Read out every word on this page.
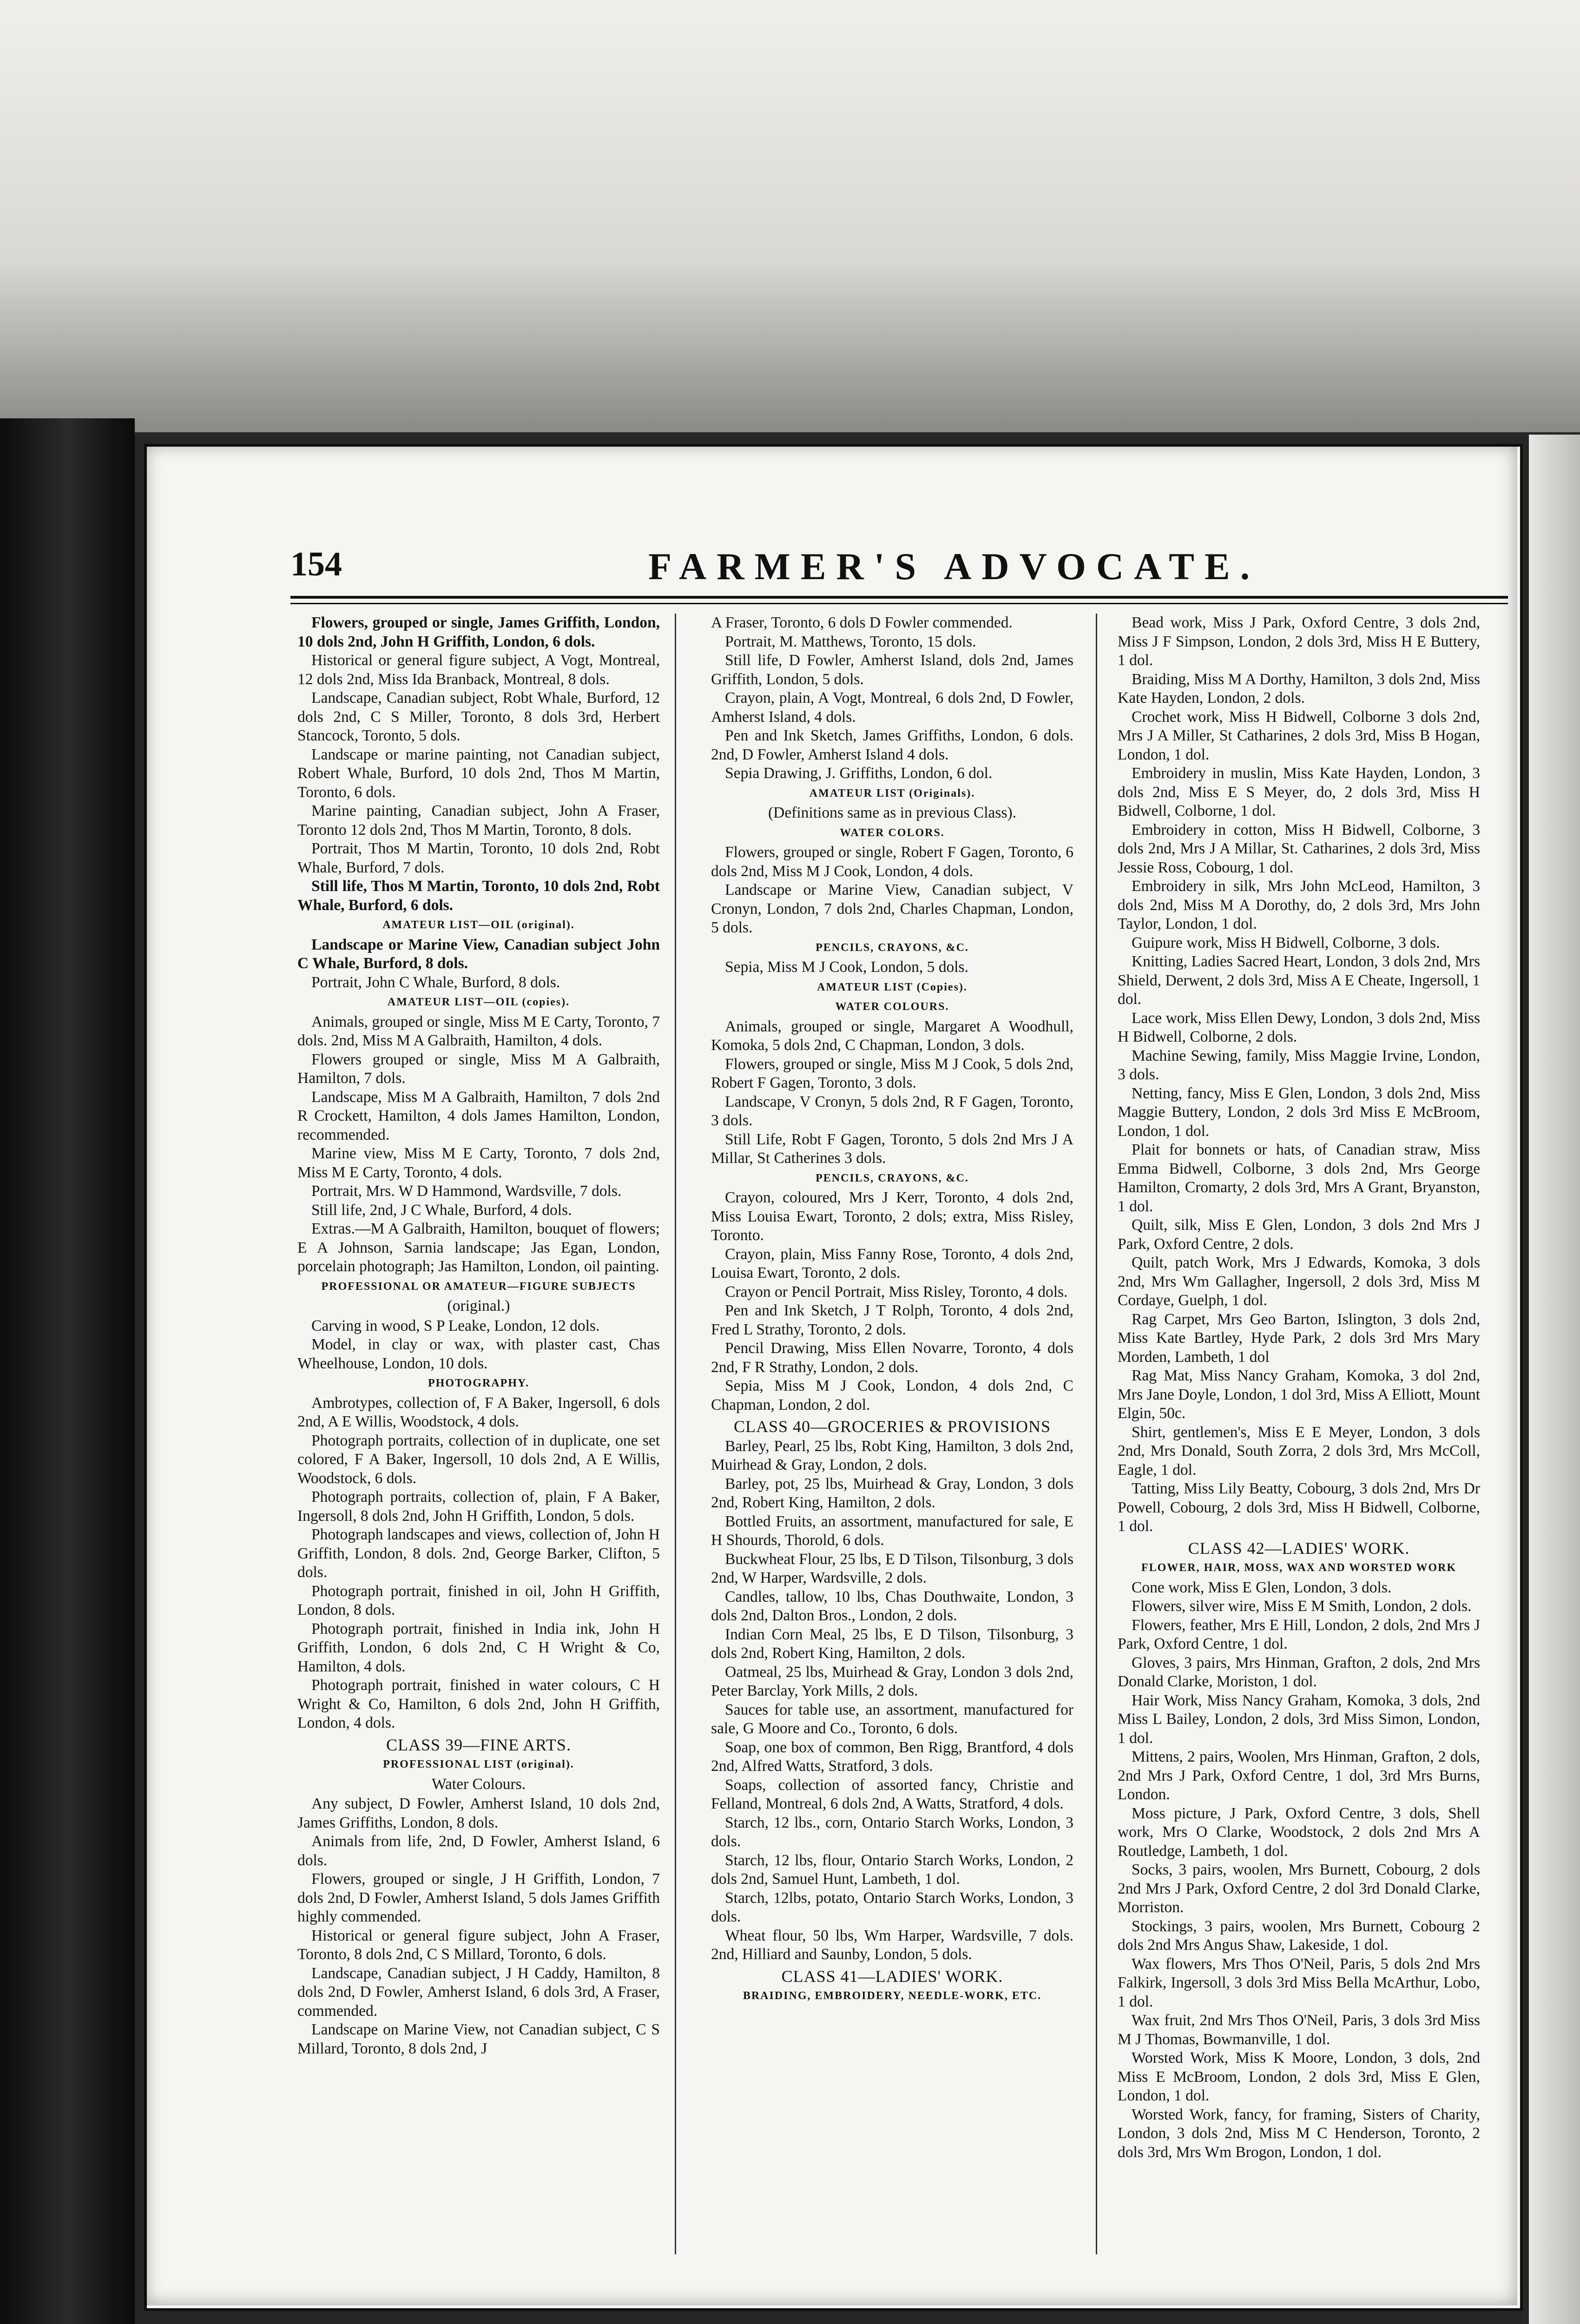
154	FARMER'S ADVOCATE.

Flowers, grouped or single, James Griffith, London, 10 dols 2nd, John H Griffith, London, 6 dols.

Historical or general figure subject, A Vogt, Montreal, 12 dols 2nd, Miss Ida Branback, Montreal, 8 dols.

Landscape, Canadian subject, Robt Whale, Burford, 12 dols 2nd, C S Miller, Toronto, 8 dols 3rd, Herbert Stancock, Toronto, 5 dols.

Landscape or marine painting, not Canadian subject, Robert Whale, Burford, 10 dols 2nd, Thos M Martin, Toronto, 6 dols.

Marine painting, Canadian subject, John A Fraser, Toronto 12 dols 2nd, Thos M Martin, Toronto, 8 dols.

Portrait, Thos M Martin, Toronto, 10 dols 2nd, Robt Whale, Burford, 7 dols.

Still life, Thos M Martin, Toronto, 10 dols 2nd, Robt Whale, Burford, 6 dols.

AMATEUR LIST—OIL (original).

Landscape or Marine View, Canadian subject John C Whale, Burford, 8 dols.

Portrait, John C Whale, Burford, 8 dols.

AMATEUR LIST—OIL (copies).

Animals, grouped or single, Miss M E Carty, Toronto, 7 dols. 2nd, Miss M A Galbraith, Hamilton, 4 dols.

Flowers grouped or single, Miss M A Galbraith, Hamilton, 7 dols.

Landscape, Miss M A Galbraith, Hamilton, 7 dols 2nd R Crockett, Hamilton, 4 dols James Hamilton, London, recommended.

Marine view, Miss M E Carty, Toronto, 7 dols 2nd, Miss M E Carty, Toronto, 4 dols.

Portrait, Mrs. W D Hammond, Wardsville, 7 dols.

Still life, 2nd, J C Whale, Burford, 4 dols.

Extras.—M A Galbraith, Hamilton, bouquet of flowers; E A Johnson, Sarnia landscape; Jas Egan, London, porcelain photograph; Jas Hamilton, London, oil painting.

PROFESSIONAL OR AMATEUR—FIGURE SUBJECTS

(original.)

Carving in wood, S P Leake, London, 12 dols.

Model, in clay or wax, with plaster cast, Chas Wheelhouse, London, 10 dols.

PHOTOGRAPHY.

Ambrotypes, collection of, F A Baker, Ingersoll, 6 dols 2nd, A E Willis, Woodstock, 4 dols.

Photograph portraits, collection of in duplicate, one set colored, F A Baker, Ingersoll, 10 dols 2nd, A E Willis, Woodstock, 6 dols.

Photograph portraits, collection of, plain, F A Baker, Ingersoll, 8 dols 2nd, John H Griffith, London, 5 dols.

Photograph landscapes and views, collection of, John H Griffith, London, 8 dols. 2nd, George Barker, Clifton, 5 dols.

Photograph portrait, finished in oil, John H Griffith, London, 8 dols.

Photograph portrait, finished in India ink, John H Griffith, London, 6 dols 2nd, C H Wright & Co, Hamilton, 4 dols.

Photograph portrait, finished in water colours, C H Wright & Co, Hamilton, 6 dols 2nd, John H Griffith, London, 4 dols.

CLASS 39—FINE ARTS.

PROFESSIONAL LIST (original).

Water Colours.

Any subject, D Fowler, Amherst Island, 10 dols 2nd, James Griffiths, London, 8 dols.

Animals from life, 2nd, D Fowler, Amherst Island, 6 dols.

Flowers, grouped or single, J H Griffith, London, 7 dols 2nd, D Fowler, Amherst Island, 5 dols James Griffith highly commended.

Historical or general figure subject, John A Fraser, Toronto, 8 dols 2nd, C S Millard, Toronto, 6 dols.

Landscape, Canadian subject, J H Caddy, Hamilton, 8 dols 2nd, D Fowler, Amherst Island, 6 dols 3rd, A Fraser, commended.

Landscape on Marine View, not Canadian subject, C S Millard, Toronto, 8 dols 2nd, J

A Fraser, Toronto, 6 dols D Fowler commended.

Portrait, M. Matthews, Toronto, 15 dols.

Still life, D Fowler, Amherst Island, dols 2nd, James Griffith, London, 5 dols.

Crayon, plain, A Vogt, Montreal, 6 dols 2nd, D Fowler, Amherst Island, 4 dols.

Pen and Ink Sketch, James Griffiths, London, 6 dols. 2nd, D Fowler, Amherst Island 4 dols.

Sepia Drawing, J. Griffiths, London, 6 dol.

AMATEUR LIST (Originals).

(Definitions same as in previous Class).

WATER COLORS.

Flowers, grouped or single, Robert F Gagen, Toronto, 6 dols 2nd, Miss M J Cook, London, 4 dols.

Landscape or Marine View, Canadian subject, V Cronyn, London, 7 dols 2nd, Charles Chapman, London, 5 dols.

PENCILS, CRAYONS, &C.

Sepia, Miss M J Cook, London, 5 dols.

AMATEUR LIST (Copies).

WATER COLOURS.

Animals, grouped or single, Margaret A Woodhull, Komoka, 5 dols 2nd, C Chapman, London, 3 dols.

Flowers, grouped or single, Miss M J Cook, 5 dols 2nd, Robert F Gagen, Toronto, 3 dols.

Landscape, V Cronyn, 5 dols 2nd, R F Gagen, Toronto, 3 dols.

Still Life, Robt F Gagen, Toronto, 5 dols 2nd Mrs J A Millar, St Catherines 3 dols.

PENCILS, CRAYONS, &C.

Crayon, coloured, Mrs J Kerr, Toronto, 4 dols 2nd, Miss Louisa Ewart, Toronto, 2 dols; extra, Miss Risley, Toronto.

Crayon, plain, Miss Fanny Rose, Toronto, 4 dols 2nd, Louisa Ewart, Toronto, 2 dols.

Crayon or Pencil Portrait, Miss Risley, Toronto, 4 dols.

Pen and Ink Sketch, J T Rolph, Toronto, 4 dols 2nd, Fred L Strathy, Toronto, 2 dols.

Pencil Drawing, Miss Ellen Novarre, Toronto, 4 dols 2nd, F R Strathy, London, 2 dols.

Sepia, Miss M J Cook, London, 4 dols 2nd, C Chapman, London, 2 dol.

CLASS 40—GROCERIES & PROVISIONS

Barley, Pearl, 25 lbs, Robt King, Hamilton, 3 dols 2nd, Muirhead & Gray, London, 2 dols.

Barley, pot, 25 lbs, Muirhead & Gray, London, 3 dols 2nd, Robert King, Hamilton, 2 dols.

Bottled Fruits, an assortment, manufactured for sale, E H Shourds, Thorold, 6 dols.

Buckwheat Flour, 25 lbs, E D Tilson, Tilsonburg, 3 dols 2nd, W Harper, Wardsville, 2 dols.

Candles, tallow, 10 lbs, Chas Douthwaite, London, 3 dols 2nd, Dalton Bros., London, 2 dols.

Indian Corn Meal, 25 lbs, E D Tilson, Tilsonburg, 3 dols 2nd, Robert King, Hamilton, 2 dols.

Oatmeal, 25 lbs, Muirhead & Gray, London 3 dols 2nd, Peter Barclay, York Mills, 2 dols.

Sauces for table use, an assortment, manufactured for sale, G Moore and Co., Toronto, 6 dols.

Soap, one box of common, Ben Rigg, Brantford, 4 dols 2nd, Alfred Watts, Stratford, 3 dols.

Soaps, collection of assorted fancy, Christie and Felland, Montreal, 6 dols 2nd, A Watts, Stratford, 4 dols.

Starch, 12 lbs., corn, Ontario Starch Works, London, 3 dols.

Starch, 12 lbs, flour, Ontario Starch Works, London, 2 dols 2nd, Samuel Hunt, Lambeth, 1 dol.

Starch, 12lbs, potato, Ontario Starch Works, London, 3 dols.

Wheat flour, 50 lbs, Wm Harper, Wardsville, 7 dols. 2nd, Hilliard and Saunby, London, 5 dols.

CLASS 41—LADIES' WORK.

BRAIDING, EMBROIDERY, NEEDLE-WORK, ETC.

Bead work, Miss J Park, Oxford Centre, 3 dols 2nd, Miss J F Simpson, London, 2 dols 3rd, Miss H E Buttery, 1 dol.

Braiding, Miss M A Dorthy, Hamilton, 3 dols 2nd, Miss Kate Hayden, London, 2 dols.

Crochet work, Miss H Bidwell, Colborne 3 dols 2nd, Mrs J A Miller, St Catharines, 2 dols 3rd, Miss B Hogan, London, 1 dol.

Embroidery in muslin, Miss Kate Hayden, London, 3 dols 2nd, Miss E S Meyer, do, 2 dols 3rd, Miss H Bidwell, Colborne, 1 dol.

Embroidery in cotton, Miss H Bidwell, Colborne, 3 dols 2nd, Mrs J A Millar, St. Catharines, 2 dols 3rd, Miss Jessie Ross, Cobourg, 1 dol.

Embroidery in silk, Mrs John McLeod, Hamilton, 3 dols 2nd, Miss M A Dorothy, do, 2 dols 3rd, Mrs John Taylor, London, 1 dol.

Guipure work, Miss H Bidwell, Colborne, 3 dols.

Knitting, Ladies Sacred Heart, London, 3 dols 2nd, Mrs Shield, Derwent, 2 dols 3rd, Miss A E Cheate, Ingersoll, 1 dol.

Lace work, Miss Ellen Dewy, London, 3 dols 2nd, Miss H Bidwell, Colborne, 2 dols.

Machine Sewing, family, Miss Maggie Irvine, London, 3 dols.

Netting, fancy, Miss E Glen, London, 3 dols 2nd, Miss Maggie Buttery, London, 2 dols 3rd Miss E McBroom, London, 1 dol.

Plait for bonnets or hats, of Canadian straw, Miss Emma Bidwell, Colborne, 3 dols 2nd, Mrs George Hamilton, Cromarty, 2 dols 3rd, Mrs A Grant, Bryanston, 1 dol.

Quilt, silk, Miss E Glen, London, 3 dols 2nd Mrs J Park, Oxford Centre, 2 dols.

Quilt, patch Work, Mrs J Edwards, Komoka, 3 dols 2nd, Mrs Wm Gallagher, Ingersoll, 2 dols 3rd, Miss M Cordaye, Guelph, 1 dol.

Rag Carpet, Mrs Geo Barton, Islington, 3 dols 2nd, Miss Kate Bartley, Hyde Park, 2 dols 3rd Mrs Mary Morden, Lambeth, 1 dol

Rag Mat, Miss Nancy Graham, Komoka, 3 dol 2nd, Mrs Jane Doyle, London, 1 dol 3rd, Miss A Elliott, Mount Elgin, 50c.

Shirt, gentlemen's, Miss E E Meyer, London, 3 dols 2nd, Mrs Donald, South Zorra, 2 dols 3rd, Mrs McColl, Eagle, 1 dol.

Tatting, Miss Lily Beatty, Cobourg, 3 dols 2nd, Mrs Dr Powell, Cobourg, 2 dols 3rd, Miss H Bidwell, Colborne, 1 dol.

CLASS 42—LADIES' WORK.

FLOWER, HAIR, MOSS, WAX AND WORSTED WORK

Cone work, Miss E Glen, London, 3 dols.

Flowers, silver wire, Miss E M Smith, London, 2 dols.

Flowers, feather, Mrs E Hill, London, 2 dols, 2nd Mrs J Park, Oxford Centre, 1 dol.

Gloves, 3 pairs, Mrs Hinman, Grafton, 2 dols, 2nd Mrs Donald Clarke, Moriston, 1 dol.

Hair Work, Miss Nancy Graham, Komoka, 3 dols, 2nd Miss L Bailey, London, 2 dols, 3rd Miss Simon, London, 1 dol.

Mittens, 2 pairs, Woolen, Mrs Hinman, Grafton, 2 dols, 2nd Mrs J Park, Oxford Centre, 1 dol, 3rd Mrs Burns, London.

Moss picture, J Park, Oxford Centre, 3 dols, Shell work, Mrs O Clarke, Woodstock, 2 dols 2nd Mrs A Routledge, Lambeth, 1 dol.

Socks, 3 pairs, woolen, Mrs Burnett, Cobourg, 2 dols 2nd Mrs J Park, Oxford Centre, 2 dol 3rd Donald Clarke, Morriston.

Stockings, 3 pairs, woolen, Mrs Burnett, Cobourg 2 dols 2nd Mrs Angus Shaw, Lakeside, 1 dol.

Wax flowers, Mrs Thos O'Neil, Paris, 5 dols 2nd Mrs Falkirk, Ingersoll, 3 dols 3rd Miss Bella McArthur, Lobo, 1 dol.

Wax fruit, 2nd Mrs Thos O'Neil, Paris, 3 dols 3rd Miss M J Thomas, Bowmanville, 1 dol.

Worsted Work, Miss K Moore, London, 3 dols, 2nd Miss E McBroom, London, 2 dols 3rd, Miss E Glen, London, 1 dol.

Worsted Work, fancy, for framing, Sisters of Charity, London, 3 dols 2nd, Miss M C Henderson, Toronto, 2 dols 3rd, Mrs Wm Brogon, London, 1 dol.
